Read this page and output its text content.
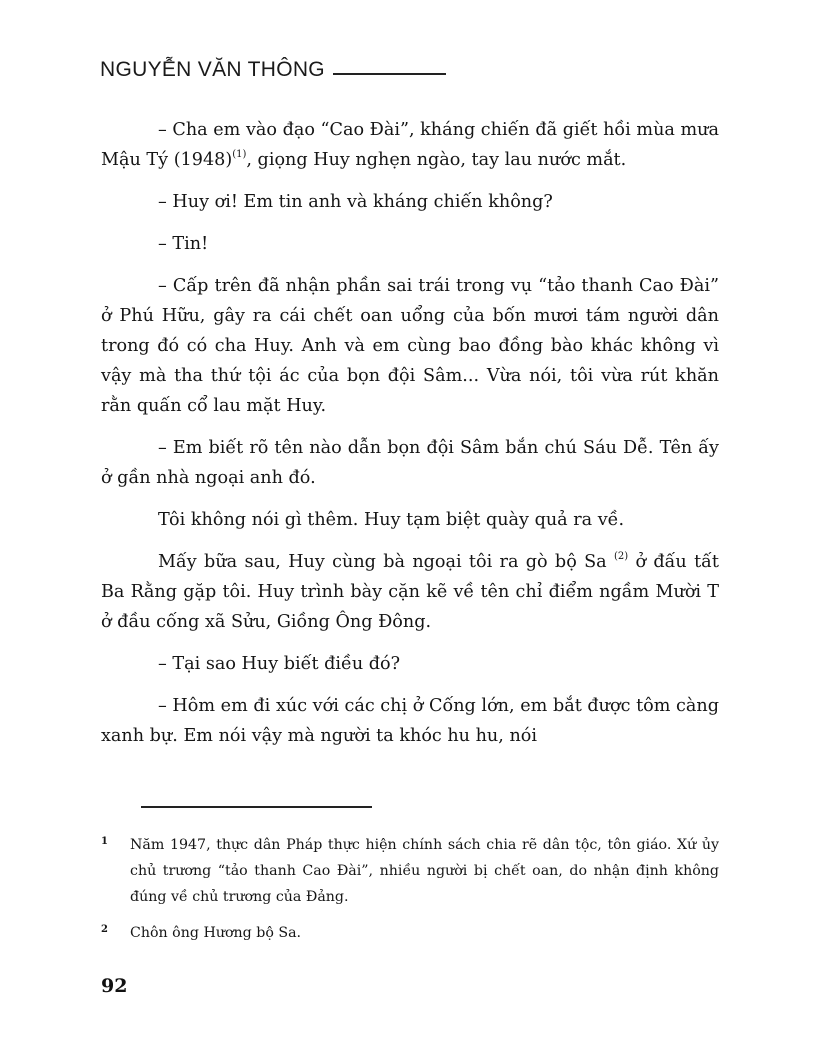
NGUYỄN VĂN THÔNG

– Cha em vào đạo “Cao Đài”, kháng chiến đã giết hồi mùa mưa Mậu Tý (1948)$^{(1)}$, giọng Huy nghẹn ngào, tay lau nước mắt.

– Huy ơi! Em tin anh và kháng chiến không?

– Tin!

– Cấp trên đã nhận phần sai trái trong vụ “tảo thanh Cao Đài” ở Phú Hữu, gây ra cái chết oan uổng của bốn mươi tám người dân trong đó có cha Huy. Anh và em cùng bao đồng bào khác không vì vậy mà tha thứ tội ác của bọn đội Sâm... Vừa nói, tôi vừa rút khăn rằn quấn cổ lau mặt Huy.

– Em biết rõ tên nào dẫn bọn đội Sâm bắn chú Sáu Dễ. Tên ấy ở gần nhà ngoại anh đó.

Tôi không nói gì thêm. Huy tạm biệt quày quả ra về.

Mấy bữa sau, Huy cùng bà ngoại tôi ra gò bộ Sa $^{(2)}$ ở đấu tất Ba Rằng gặp tôi. Huy trình bày cặn kẽ về tên chỉ điểm ngầm Mười T ở đầu cống xã Sửu, Giồng Ông Đông.

– Tại sao Huy biết điều đó?

– Hôm em đi xúc với các chị ở Cống lớn, em bắt được tôm càng xanh bự. Em nói vậy mà người ta khóc hu hu, nói

1	Năm 1947, thực dân Pháp thực hiện chính sách chia rẽ dân tộc, tôn giáo. Xứ ủy chủ trương “tảo thanh Cao Đài”, nhiều người bị chết oan, do nhận định không đúng về chủ trương của Đảng.
2	Chôn ông Hương bộ Sa.
92
